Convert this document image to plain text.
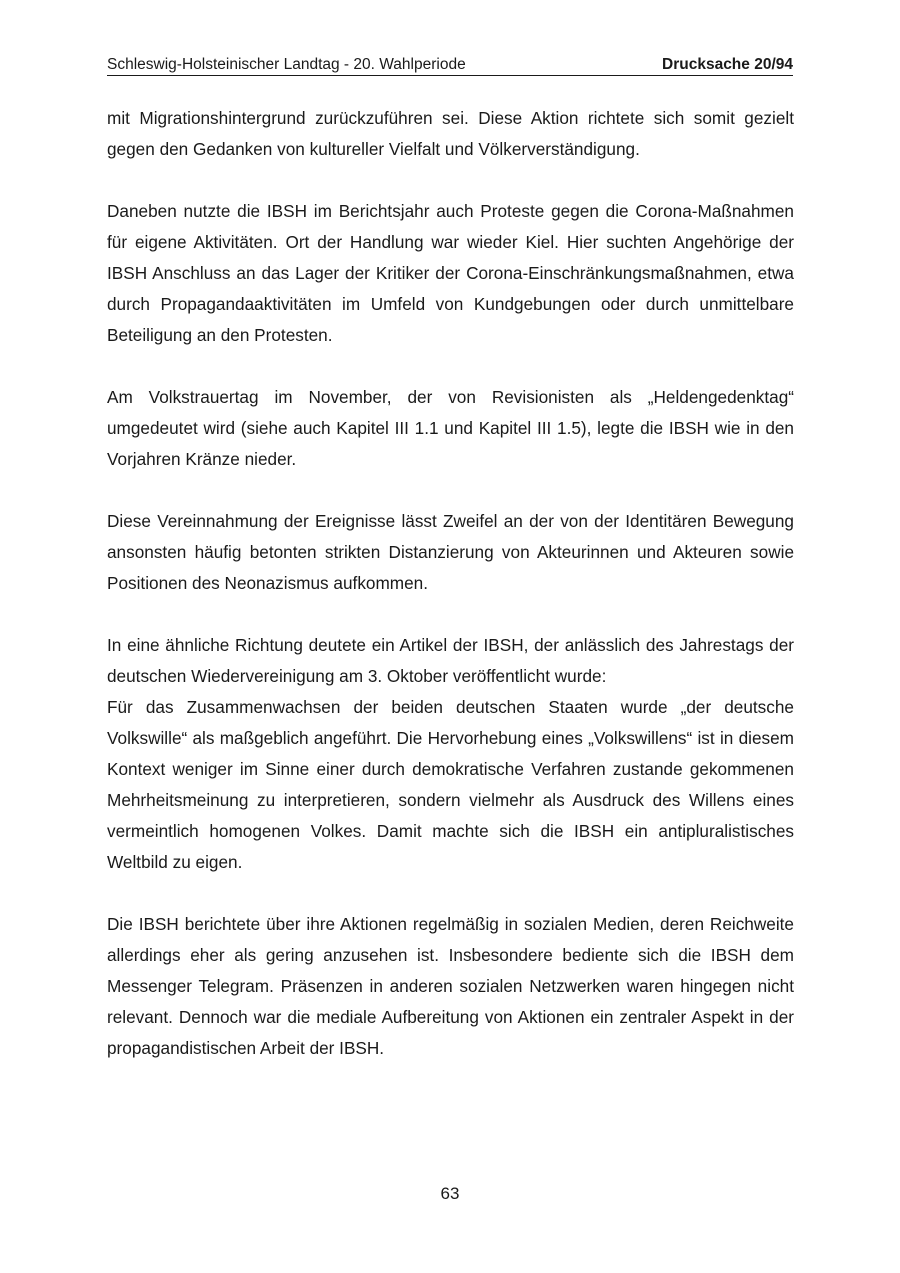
Schleswig-Holsteinischer Landtag - 20. Wahlperiode	Drucksache 20/94

mit Migrationshintergrund zurückzuführen sei. Diese Aktion richtete sich somit gezielt gegen den Gedanken von kultureller Vielfalt und Völkerverständigung.

Daneben nutzte die IBSH im Berichtsjahr auch Proteste gegen die Corona-Maßnahmen für eigene Aktivitäten. Ort der Handlung war wieder Kiel. Hier suchten Angehörige der IBSH Anschluss an das Lager der Kritiker der Corona-Einschränkungsmaßnahmen, etwa durch Propagandaaktivitäten im Umfeld von Kundgebungen oder durch unmittelbare Beteiligung an den Protesten.

Am Volkstrauertag im November, der von Revisionisten als „Heldengedenktag“ umgedeutet wird (siehe auch Kapitel III 1.1 und Kapitel III 1.5), legte die IBSH wie in den Vorjahren Kränze nieder.

Diese Vereinnahmung der Ereignisse lässt Zweifel an der von der Identitären Bewegung ansonsten häufig betonten strikten Distanzierung von Akteurinnen und Akteuren sowie Positionen des Neonazismus aufkommen.

In eine ähnliche Richtung deutete ein Artikel der IBSH, der anlässlich des Jahrestags der deutschen Wiedervereinigung am 3. Oktober veröffentlicht wurde:

Für das Zusammenwachsen der beiden deutschen Staaten wurde „der deutsche Volkswille“ als maßgeblich angeführt. Die Hervorhebung eines „Volkswillens“ ist in diesem Kontext weniger im Sinne einer durch demokratische Verfahren zustande gekommenen Mehrheitsmeinung zu interpretieren, sondern vielmehr als Ausdruck des Willens eines vermeintlich homogenen Volkes. Damit machte sich die IBSH ein antipluralistisches Weltbild zu eigen.

Die IBSH berichtete über ihre Aktionen regelmäßig in sozialen Medien, deren Reichweite allerdings eher als gering anzusehen ist. Insbesondere bediente sich die IBSH dem Messenger Telegram. Präsenzen in anderen sozialen Netzwerken waren hingegen nicht relevant. Dennoch war die mediale Aufbereitung von Aktionen ein zentraler Aspekt in der propagandistischen Arbeit der IBSH.

63
